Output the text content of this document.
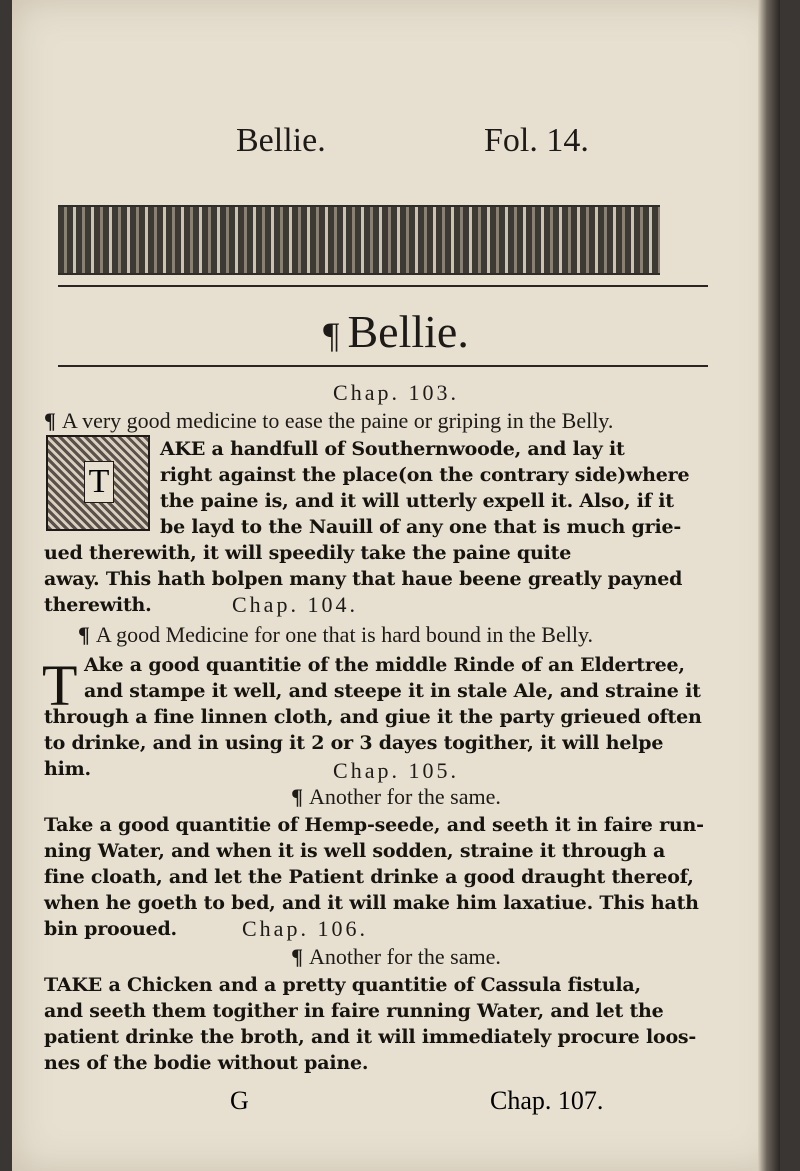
Bellie.	Fol. 14.
¶ Bellie.
Chap. 103.
¶ A very good medicine to ease the paine or griping in the Belly.
T
AKE a handfull of Southernwoode, and lay it
right against the place(on the contrary side)where
the paine is, and it will utterly expell it. Also, if it
be layd to the Nauill of any one that is much grie-
ued therewith, it will speedily take the paine quite
away. This hath bolpen many that haue beene greatly payned
therewith.	Chap. 104.
¶ A good Medicine for one that is hard bound in the Belly.
T Ake a good quantitie of the middle Rinde of an Eldertree,
and stampe it well, and steepe it in stale Ale, and straine it
through a fine linnen cloth, and giue it the party grieued often
to drinke, and in using it 2 or 3 dayes togither, it will helpe him.	Chap. 105.
¶ Another for the same.
Take a good quantitie of Hemp-seede, and seeth it in faire run-
ning Water, and when it is well sodden, straine it through a
fine cloath, and let the Patient drinke a good draught thereof,
when he goeth to bed, and it will make him laxatiue. This hath
bin prooued.	Chap. 106.
¶ Another for the same.
TAKE a Chicken and a pretty quantitie of Cassula fistula,
and seeth them togither in faire running Water, and let the
patient drinke the broth, and it will immediately procure loos-
nes of the bodie without paine.
G	Chap. 107.
